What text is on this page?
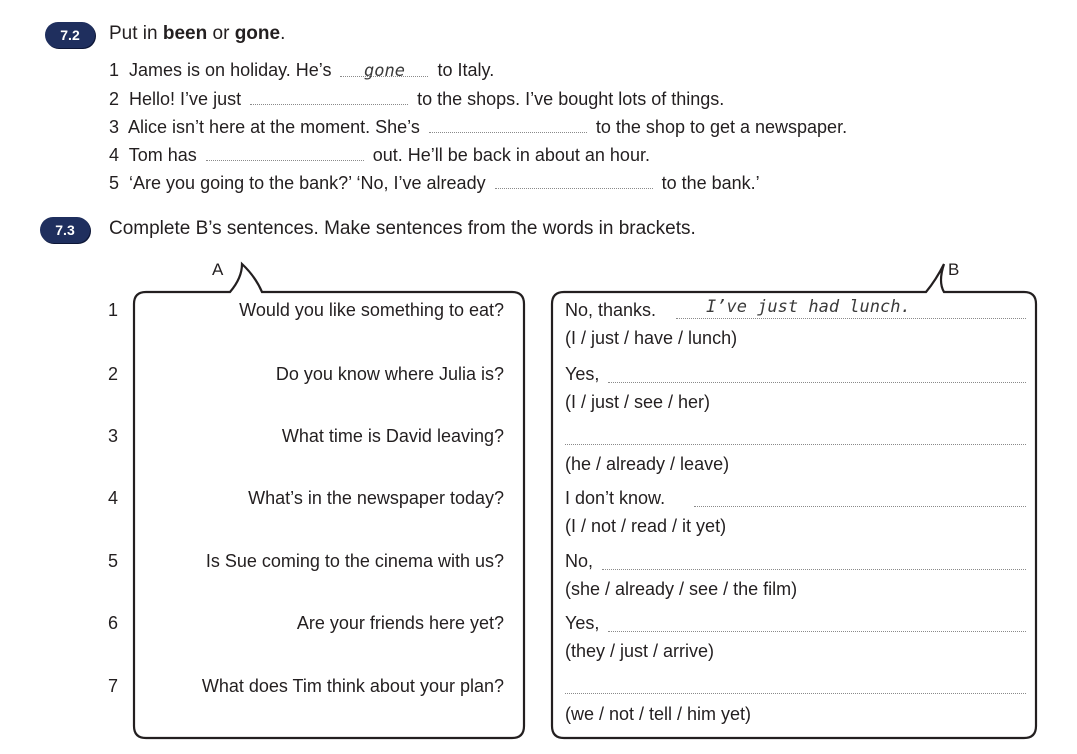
7.2	Put in been or gone.
1 James is on holiday. He’s gone to Italy.
2 Hello! I’ve just	to the shops. I’ve bought lots of things.
3 Alice isn’t here at the moment. She’s	to the shop to get a newspaper.
4 Tom has	out. He’ll be back in about an hour.
5 ‘Are you going to the bank?’ ‘No, I’ve already	to the bank.’
7.3	Complete B’s sentences. Make sentences from the words in brackets.
A	B
1	Would you like something to eat?	No, thanks.	I’ve just had lunch.
(I / just / have / lunch)
2	Do you know where Julia is?	Yes,
(I / just / see / her)
3	What time is David leaving?
(he / already / leave)
4	What’s in the newspaper today?	I don’t know.
(I / not / read / it yet)
5	Is Sue coming to the cinema with us?	No,
(she / already / see / the film)
6	Are your friends here yet?	Yes,
(they / just / arrive)
7	What does Tim think about your plan?
(we / not / tell / him yet)
